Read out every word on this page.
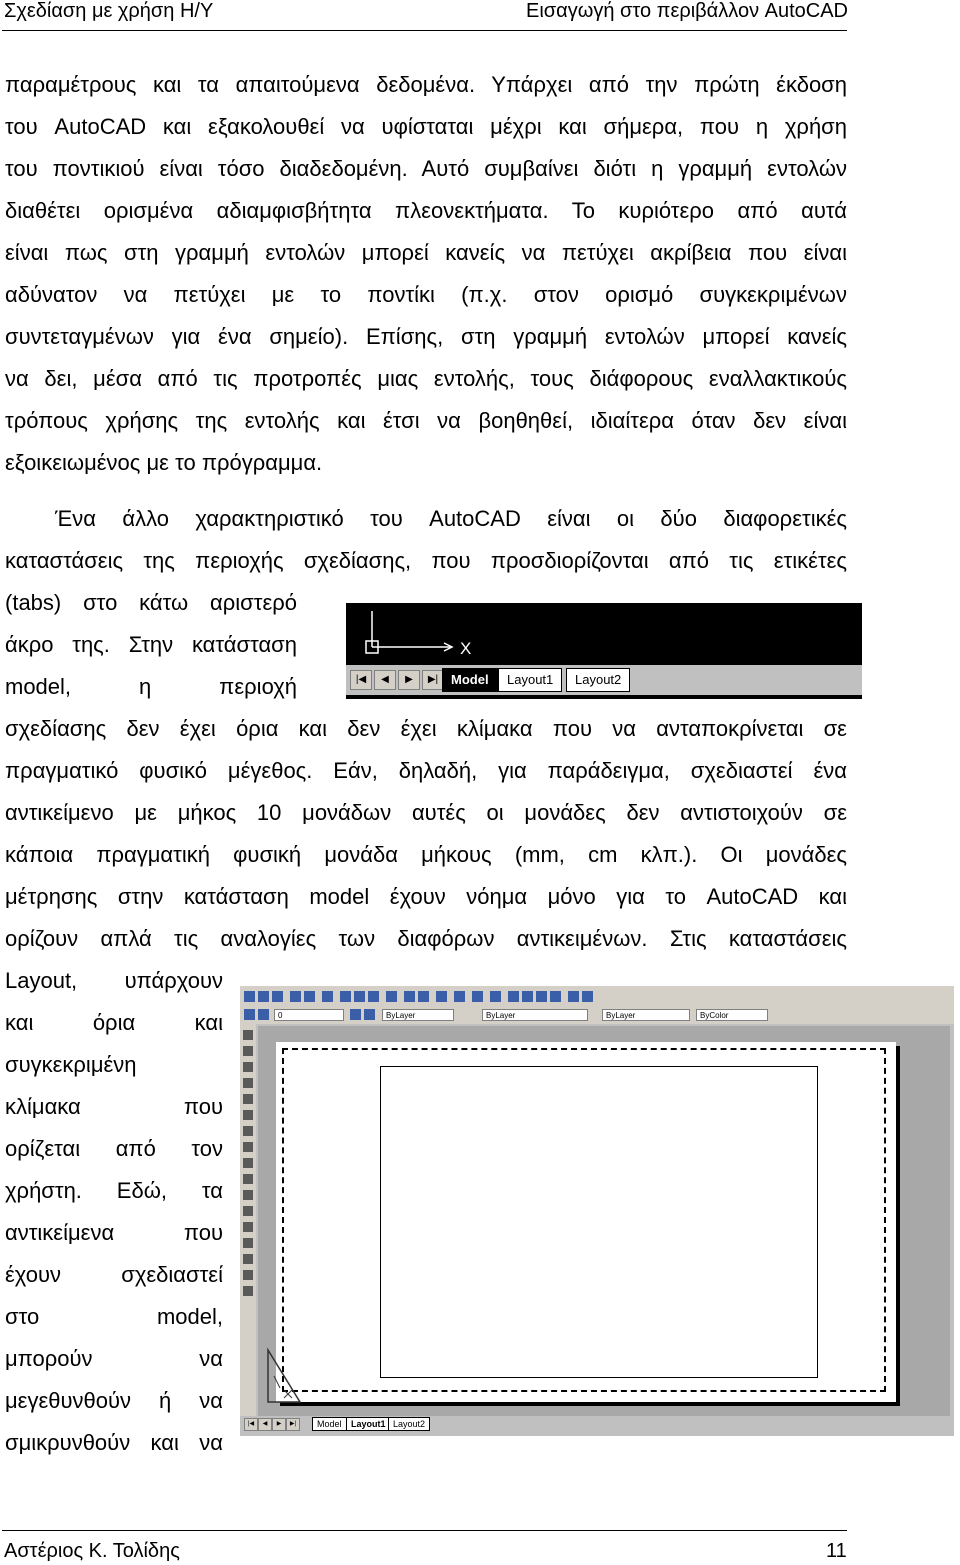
Σχεδίαση με χρήση Η/Υ	Εισαγωγή στο περιβάλλον AutoCAD
παραμέτρους και τα απαιτούμενα δεδομένα. Υπάρχει από την πρώτη έκδοση
του AutoCAD και εξακολουθεί να υφίσταται μέχρι και σήμερα, που η χρήση
του ποντικιού είναι τόσο διαδεδομένη. Αυτό συμβαίνει διότι η γραμμή εντολών
διαθέτει ορισμένα αδιαμφισβήτητα πλεονεκτήματα. Το κυριότερο από αυτά
είναι πως στη γραμμή εντολών μπορεί κανείς να πετύχει ακρίβεια που είναι
αδύνατον να πετύχει με το ποντίκι (π.χ. στον ορισμό συγκεκριμένων
συντεταγμένων για ένα σημείο). Επίσης, στη γραμμή εντολών μπορεί κανείς
να δει, μέσα από τις προτροπές μιας εντολής, τους διάφορους εναλλακτικούς
τρόπους χρήσης της εντολής και έτσι να βοηθηθεί, ιδιαίτερα όταν δεν είναι
εξοικειωμένος με το πρόγραμμα.
Ένα άλλο χαρακτηριστικό του AutoCAD είναι οι δύο διαφορετικές
καταστάσεις της περιοχής σχεδίασης, που προσδιορίζονται από τις ετικέτες
(tabs) στο κάτω αριστερό
άκρο της. Στην κατάσταση
model, η περιοχή
X
|◀	◀	▶	▶| Model	Layout1	Layout2
σχεδίασης δεν έχει όρια και δεν έχει κλίμακα που να ανταποκρίνεται σε
πραγματικό φυσικό μέγεθος. Εάν, δηλαδή, για παράδειγμα, σχεδιαστεί ένα
αντικείμενο με μήκος 10 μονάδων αυτές οι μονάδες δεν αντιστοιχούν σε
κάποια πραγματική φυσική μονάδα μήκους (mm, cm κλπ.). Οι μονάδες
μέτρησης στην κατάσταση model έχουν νόημα μόνο για το AutoCAD και
ορίζουν απλά τις αναλογίες των διαφόρων αντικειμένων. Στις καταστάσεις
Layout, υπάρχουν
και όρια και
συγκεκριμένη
κλίμακα που
ορίζεται από τον
χρήστη. Εδώ, τα
αντικείμενα που
έχουν σχεδιαστεί
στο model,
μπορούν να
μεγεθυνθούν ή να
σμικρυνθούν και να
0	ByLayer	ByLayer	ByLayer	ByColor
|◀	◀	▶	▶|	Model	Layout1 Layout2
Αστέριος Κ. Τολίδης	11
